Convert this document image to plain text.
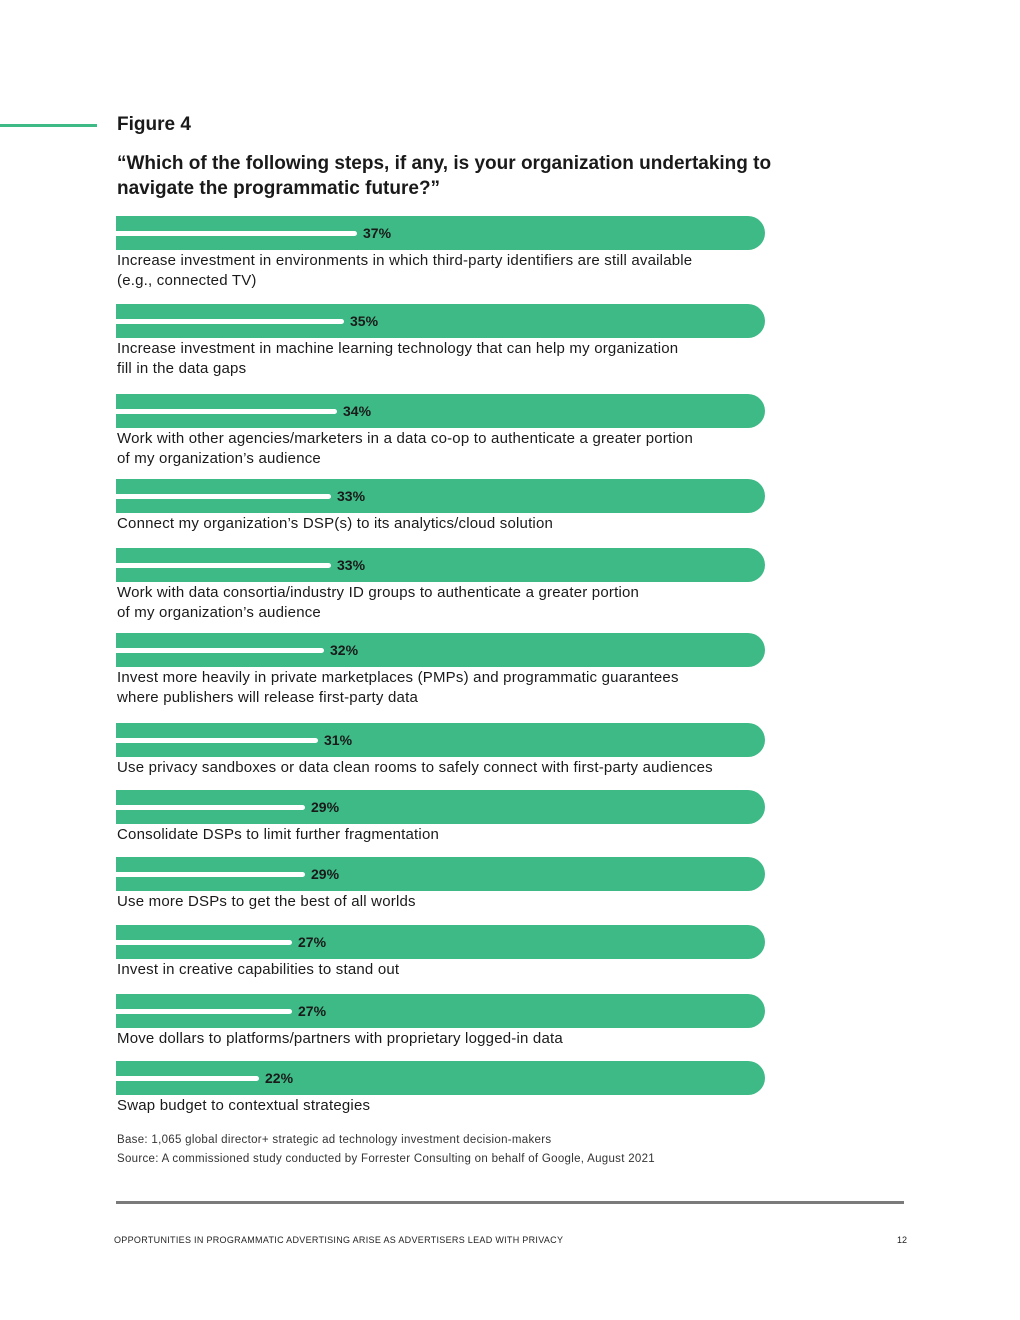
Figure 4
“Which of the following steps, if any, is your organization undertaking to navigate the programmatic future?”
37%
Increase investment in environments in which third-party identifiers are still available
(e.g., connected TV)
35%
Increase investment in machine learning technology that can help my organization
fill in the data gaps
34%
Work with other agencies/marketers in a data co-op to authenticate a greater portion
of my organization’s audience
33%
Connect my organization’s DSP(s) to its analytics/cloud solution
33%
Work with data consortia/industry ID groups to authenticate a greater portion
of my organization’s audience
32%
Invest more heavily in private marketplaces (PMPs) and programmatic guarantees
where publishers will release first-party data
31%
Use privacy sandboxes or data clean rooms to safely connect with first-party audiences
29%
Consolidate DSPs to limit further fragmentation
29%
Use more DSPs to get the best of all worlds
27%
Invest in creative capabilities to stand out
27%
Move dollars to platforms/partners with proprietary logged-in data
22%
Swap budget to contextual strategies
Base: 1,065 global director+ strategic ad technology investment decision-makers
Source: A commissioned study conducted by Forrester Consulting on behalf of Google, August 2021
OPPORTUNITIES IN PROGRAMMATIC ADVERTISING ARISE AS ADVERTISERS LEAD WITH PRIVACY	12
